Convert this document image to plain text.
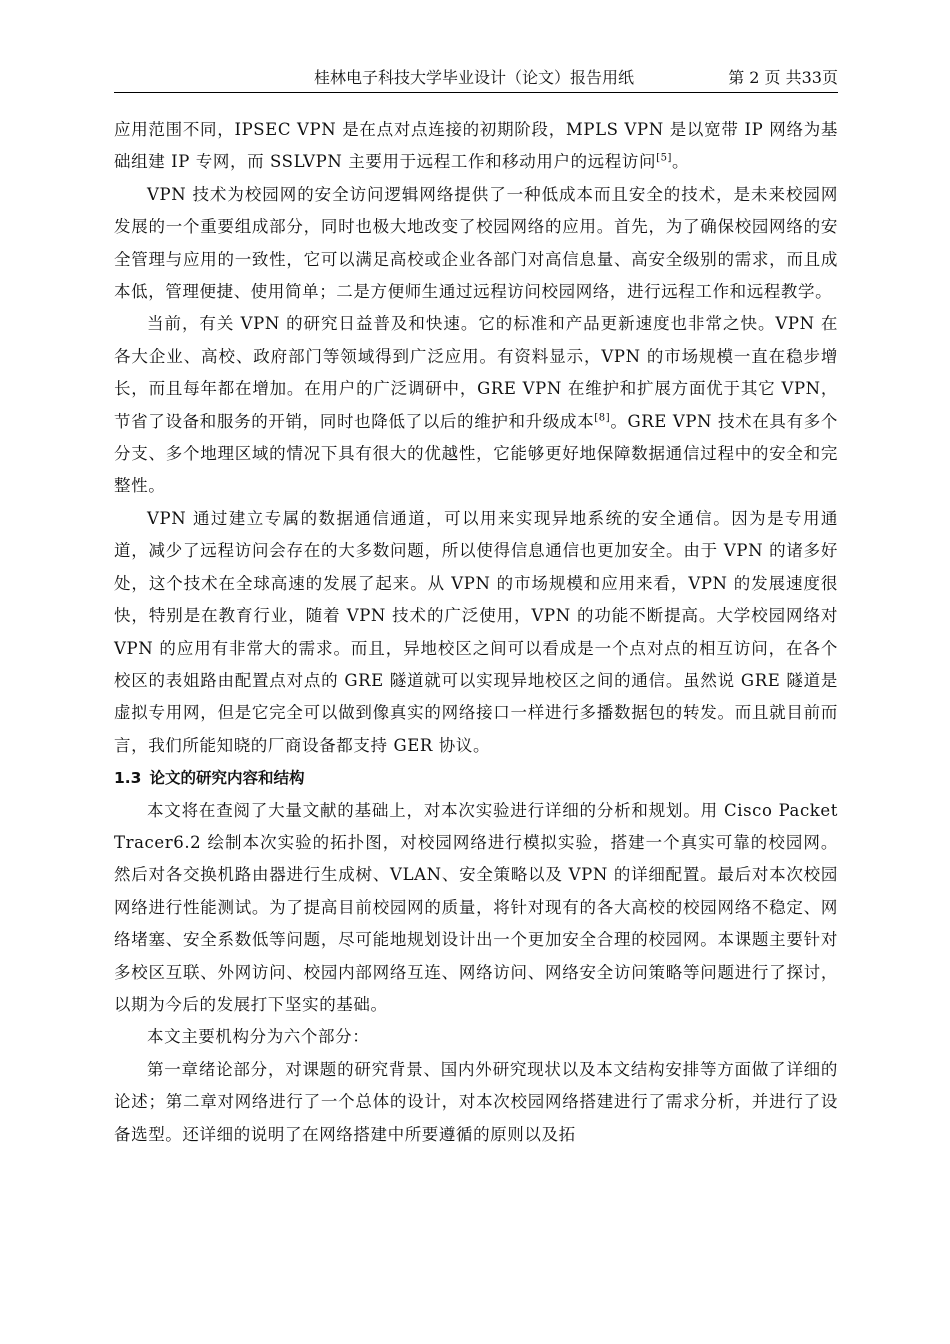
桂林电子科技大学毕业设计（论文）报告用纸	第 2 页 共33页

应用范围不同，IPSEC VPN 是在点对点连接的初期阶段，MPLS VPN 是以宽带 IP 网络为基础组建 IP 专网，而 SSLVPN 主要用于远程工作和移动用户的远程访问[5]。

VPN 技术为校园网的安全访问逻辑网络提供了一种低成本而且安全的技术，是未来校园网发展的一个重要组成部分，同时也极大地改变了校园网络的应用。首先，为了确保校园网络的安全管理与应用的一致性，它可以满足高校或企业各部门对高信息量、高安全级别的需求，而且成本低，管理便捷、使用简单；二是方便师生通过远程访问校园网络，进行远程工作和远程教学。

当前，有关 VPN 的研究日益普及和快速。它的标准和产品更新速度也非常之快。VPN 在各大企业、高校、政府部门等领域得到广泛应用。有资料显示，VPN 的市场规模一直在稳步增长，而且每年都在增加。在用户的广泛调研中，GRE VPN 在维护和扩展方面优于其它 VPN，节省了设备和服务的开销，同时也降低了以后的维护和升级成本[8]。GRE VPN 技术在具有多个分支、多个地理区域的情况下具有很大的优越性，它能够更好地保障数据通信过程中的安全和完整性。

VPN 通过建立专属的数据通信通道，可以用来实现异地系统的安全通信。因为是专用通道，减少了远程访问会存在的大多数问题，所以使得信息通信也更加安全。由于 VPN 的诸多好处，这个技术在全球高速的发展了起来。从 VPN 的市场规模和应用来看，VPN 的发展速度很快，特别是在教育行业，随着 VPN 技术的广泛使用，VPN 的功能不断提高。大学校园网络对 VPN 的应用有非常大的需求。而且，异地校区之间可以看成是一个点对点的相互访问，在各个校区的表姐路由配置点对点的 GRE 隧道就可以实现异地校区之间的通信。虽然说 GRE 隧道是虚拟专用网，但是它完全可以做到像真实的网络接口一样进行多播数据包的转发。而且就目前而言，我们所能知晓的厂商设备都支持 GER 协议。

1.3 论文的研究内容和结构

本文将在查阅了大量文献的基础上，对本次实验进行详细的分析和规划。用 Cisco Packet Tracer6.2 绘制本次实验的拓扑图，对校园网络进行模拟实验，搭建一个真实可靠的校园网。然后对各交换机路由器进行生成树、VLAN、安全策略以及 VPN 的详细配置。最后对本次校园网络进行性能测试。为了提高目前校园网的质量，将针对现有的各大高校的校园网络不稳定、网络堵塞、安全系数低等问题，尽可能地规划设计出一个更加安全合理的校园网。本课题主要针对多校区互联、外网访问、校园内部网络互连、网络访问、网络安全访问策略等问题进行了探讨，以期为今后的发展打下坚实的基础。

本文主要机构分为六个部分：

第一章绪论部分，对课题的研究背景、国内外研究现状以及本文结构安排等方面做了详细的论述；第二章对网络进行了一个总体的设计，对本次校园网络搭建进行了需求分析，并进行了设备选型。还详细的说明了在网络搭建中所要遵循的原则以及拓
